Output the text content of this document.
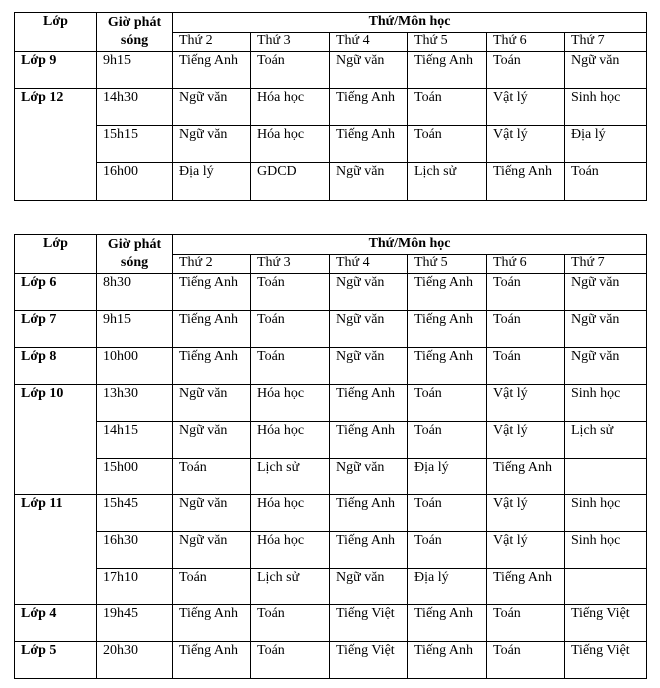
Lớp	Giờ phát sóng	Thứ/Môn học					
		Thứ 2	Thứ 3	Thứ 4	Thứ 5	Thứ 6	Thứ 7
Lớp 9	9h15	Tiếng Anh	Toán	Ngữ văn	Tiếng Anh	Toán	Ngữ văn
Lớp 12	14h30	Ngữ văn	Hóa học	Tiếng Anh	Toán	Vật lý	Sinh học
	15h15	Ngữ văn	Hóa học	Tiếng Anh	Toán	Vật lý	Địa lý
	16h00	Địa lý	GDCD	Ngữ văn	Lịch sử	Tiếng Anh	Toán
Lớp	Giờ phát sóng	Thứ/Môn học					
		Thứ 2	Thứ 3	Thứ 4	Thứ 5	Thứ 6	Thứ 7
Lớp 6	8h30	Tiếng Anh	Toán	Ngữ văn	Tiếng Anh	Toán	Ngữ văn
Lớp 7	9h15	Tiếng Anh	Toán	Ngữ văn	Tiếng Anh	Toán	Ngữ văn
Lớp 8	10h00	Tiếng Anh	Toán	Ngữ văn	Tiếng Anh	Toán	Ngữ văn
Lớp 10	13h30	Ngữ văn	Hóa học	Tiếng Anh	Toán	Vật lý	Sinh học
	14h15	Ngữ văn	Hóa học	Tiếng Anh	Toán	Vật lý	Lịch sử
	15h00	Toán	Lịch sử	Ngữ văn	Địa lý	Tiếng Anh	
Lớp 11	15h45	Ngữ văn	Hóa học	Tiếng Anh	Toán	Vật lý	Sinh học
	16h30	Ngữ văn	Hóa học	Tiếng Anh	Toán	Vật lý	Sinh học
	17h10	Toán	Lịch sử	Ngữ văn	Địa lý	Tiếng Anh	
Lớp 4	19h45	Tiếng Anh	Toán	Tiếng Việt	Tiếng Anh	Toán	Tiếng Việt
Lớp 5	20h30	Tiếng Anh	Toán	Tiếng Việt	Tiếng Anh	Toán	Tiếng Việt
